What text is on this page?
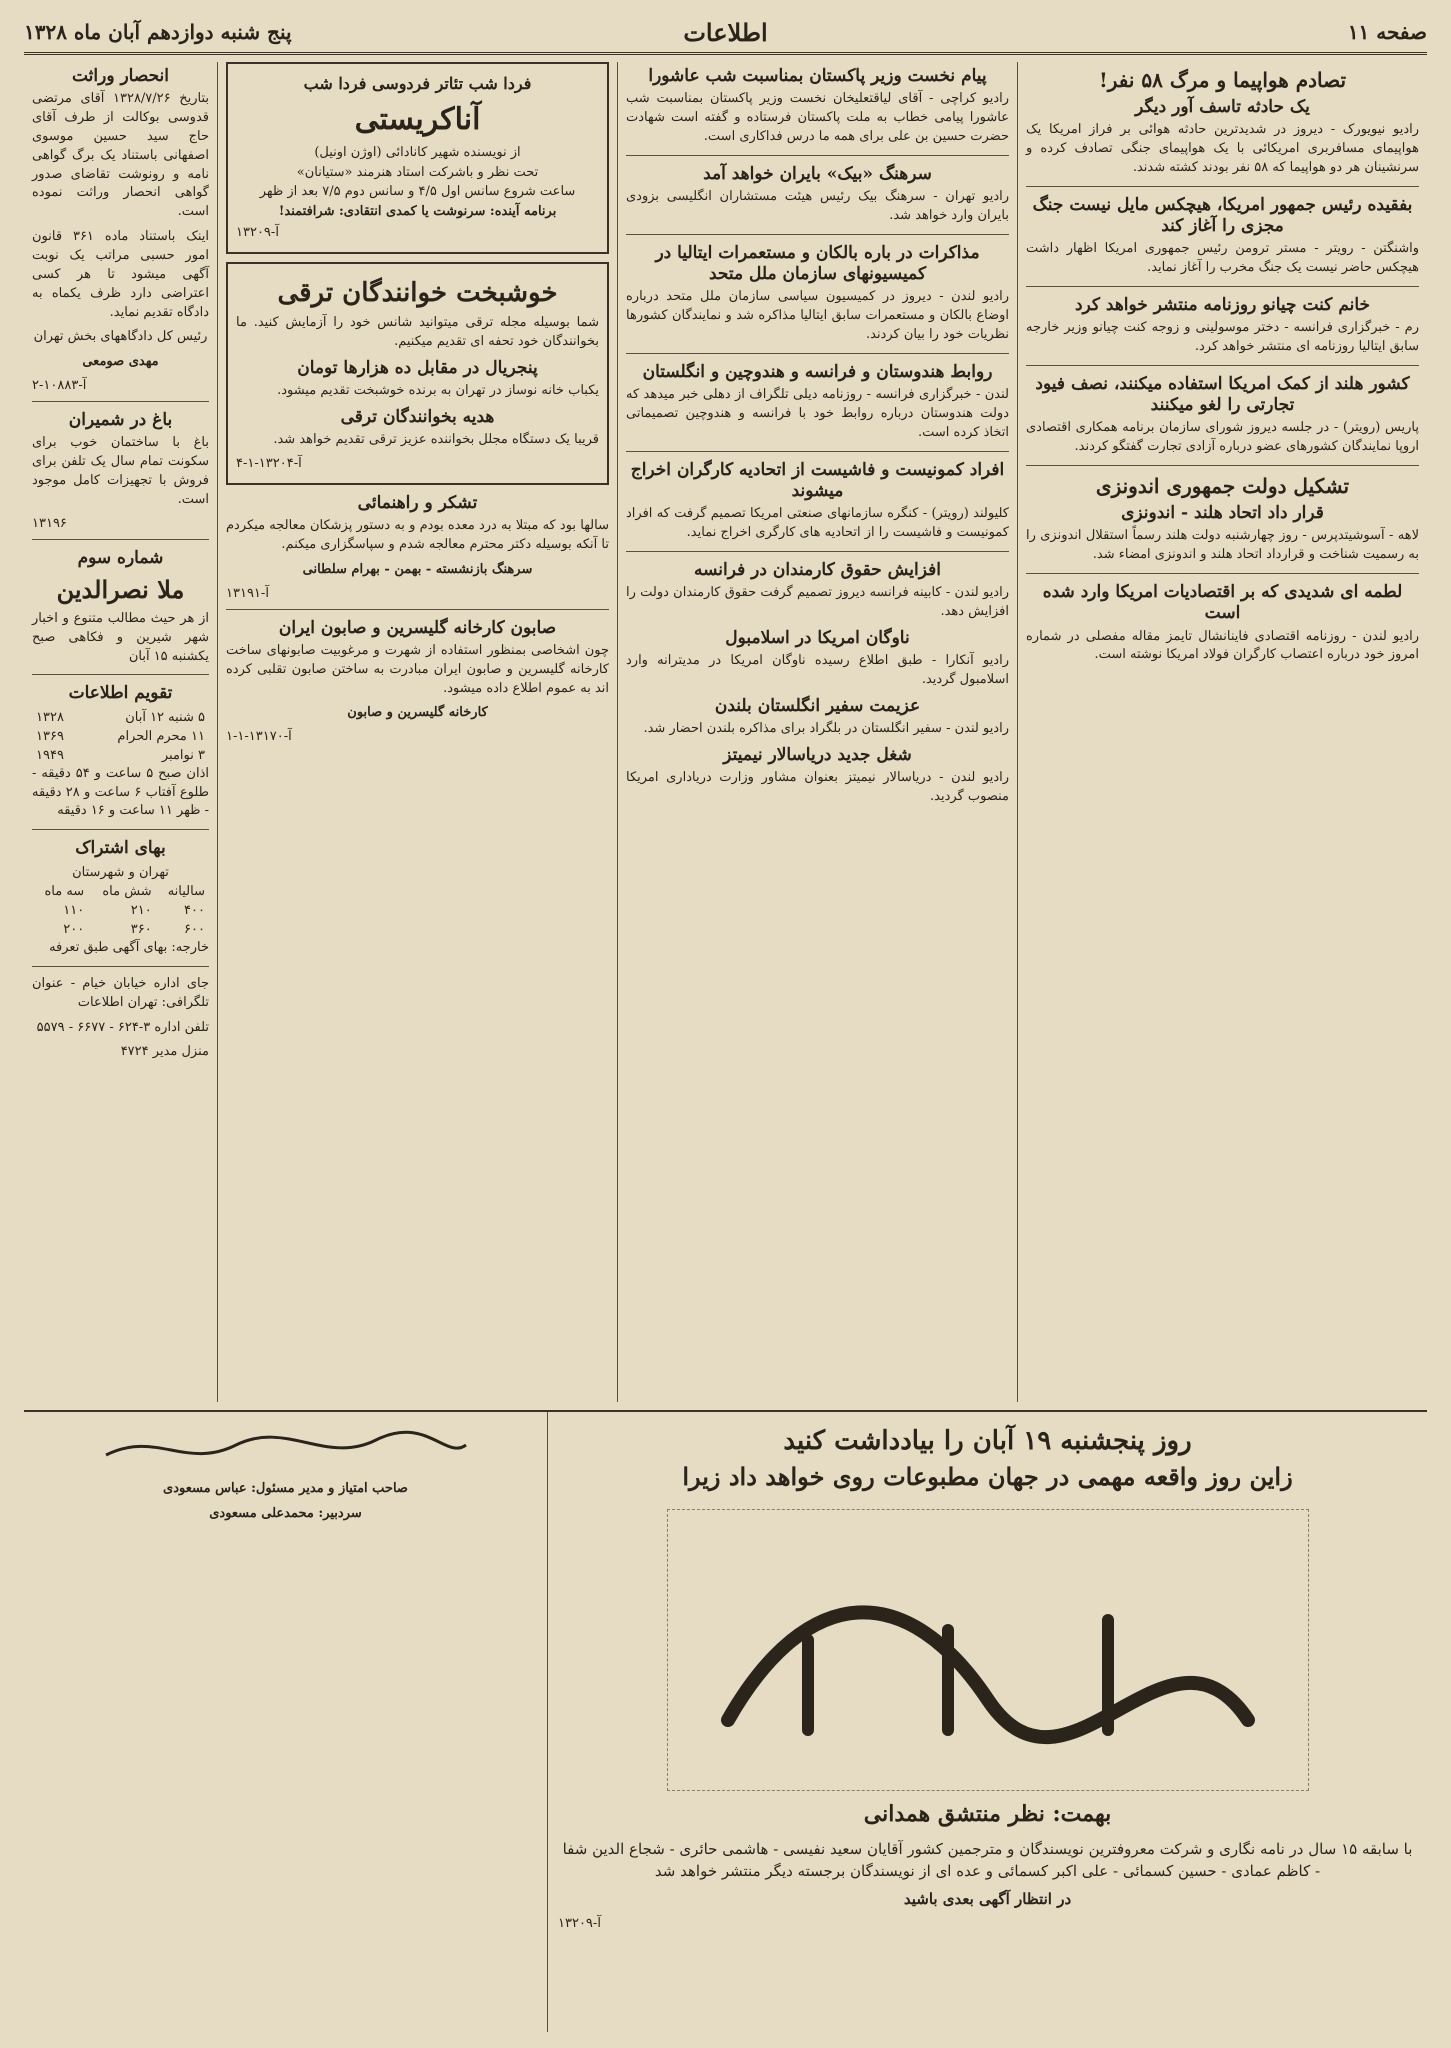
صفحه ۱۱
اطلاعات
پنج شنبه دوازدهم آبان ماه ۱۳۲۸
تصادم هواپیما و مرگ ۵۸ نفر!
یک حادثه تاسف آور دیگر

رادیو نیویورک - دیروز در شدیدترین حادثه هوائی بر فراز امریکا یک هواپیمای مسافربری امریکائی با یک هواپیمای جنگی تصادف کرده و سرنشینان هر دو هواپیما که ۵۸ نفر بودند کشته شدند.

بفقیده رئیس جمهور امریکا، هیچکس مایل نیست جنگ مجزی را آغاز کند

واشنگتن - رویتر - مستر ترومن رئیس جمهوری امریکا اظهار داشت هیچکس حاضر نیست یک جنگ مخرب را آغاز نماید.

خانم کنت چیانو روزنامه منتشر خواهد کرد

رم - خبرگزاری فرانسه - دختر موسولینی و زوجه کنت چیانو وزیر خارجه سابق ایتالیا روزنامه ای منتشر خواهد کرد.

کشور هلند از کمک امریکا استفاده میکنند، نصف فیود تجارتی را لغو میکنند

پاریس (رویتر) - در جلسه دیروز شورای سازمان برنامه همکاری اقتصادی اروپا نمایندگان کشورهای عضو درباره آزادی تجارت گفتگو کردند.

تشکیل دولت جمهوری اندونزی
قرار داد اتحاد هلند - اندونزی

لاهه - آسوشیتدپرس - روز چهارشنبه دولت هلند رسماً استقلال اندونزی را به رسمیت شناخت و قرارداد اتحاد هلند و اندونزی امضاء شد.

لطمه ای شدیدی که بر اقتصادیات امریکا وارد شده است

رادیو لندن - روزنامه اقتصادی فاینانشال تایمز مقاله مفصلی در شماره امروز خود درباره اعتصاب کارگران فولاد امریکا نوشته است.

پیام نخست وزیر پاکستان بمناسبت شب عاشورا

رادیو کراچی - آقای لیاقتعلیخان نخست وزیر پاکستان بمناسبت شب عاشورا پیامی خطاب به ملت پاکستان فرستاده و گفته است شهادت حضرت حسین بن علی برای همه ما درس فداکاری است.

سرهنگ «بیک» بایران خواهد آمد

رادیو تهران - سرهنگ بیک رئیس هیئت مستشاران انگلیسی بزودی بایران وارد خواهد شد.

مذاکرات در باره بالکان و مستعمرات ایتالیا در کمیسیونهای سازمان ملل متحد

رادیو لندن - دیروز در کمیسیون سیاسی سازمان ملل متحد درباره اوضاع بالکان و مستعمرات سابق ایتالیا مذاکره شد و نمایندگان کشورها نظریات خود را بیان کردند.

روابط هندوستان و فرانسه و هندوچین و انگلستان

لندن - خبرگزاری فرانسه - روزنامه دیلی تلگراف از دهلی خبر میدهد که دولت هندوستان درباره روابط خود با فرانسه و هندوچین تصمیماتی اتخاذ کرده است.

افراد کمونیست و فاشیست از اتحادیه کارگران اخراج میشوند

کلیولند (رویتر) - کنگره سازمانهای صنعتی امریکا تصمیم گرفت که افراد کمونیست و فاشیست را از اتحادیه های کارگری اخراج نماید.

افزایش حقوق کارمندان در فرانسه

رادیو لندن - کابینه فرانسه دیروز تصمیم گرفت حقوق کارمندان دولت را افزایش دهد.

ناوگان امریکا در اسلامبول

رادیو آنکارا - طبق اطلاع رسیده ناوگان امریکا در مدیترانه وارد اسلامبول گردید.

عزیمت سفیر انگلستان بلندن

رادیو لندن - سفیر انگلستان در بلگراد برای مذاکره بلندن احضار شد.

شغل جدید دریاسالار نیمیتز

رادیو لندن - دریاسالار نیمیتز بعنوان مشاور وزارت دریاداری امریکا منصوب گردید.

فردا شب تئاتر فردوسی فردا شب
آناکریستی
از نویسنده شهیر کانادائی (اوژن اونیل)
تحت نظر و باشرکت استاد هنرمند «ستیانان»
ساعت شروع سانس اول ۴/۵ و سانس دوم ۷/۵ بعد از ظهر
برنامه آینده: سرنوشت یا کمدی انتقادی: شرافتمند!
آ-۱۳۲۰۹
خوشبخت خوانندگان ترقی

شما بوسیله مجله ترقی میتوانید شانس خود را آزمایش کنید. ما بخوانندگان خود تحفه ای تقدیم میکنیم.

پنجریال در مقابل ده هزارها تومان

یکباب خانه نوساز در تهران به برنده خوشبخت تقدیم میشود.

هدیه بخوانندگان ترقی

قریبا یک دستگاه مجلل بخواننده عزیز ترقی تقدیم خواهد شد.

آ-۱۳۲۰۴-۱-۴
تشکر و راهنمائی

سالها بود که مبتلا به درد معده بودم و به دستور پزشکان معالجه میکردم تا آنکه بوسیله دکتر محترم معالجه شدم و سپاسگزاری میکنم.

سرهنگ بازنشسته - بهمن - بهرام سلطانی

آ-۱۳۱۹۱
صابون کارخانه گلیسرین و صابون ایران

چون اشخاصی بمنظور استفاده از شهرت و مرغوبیت صابونهای ساخت کارخانه گلیسرین و صابون ایران مبادرت به ساختن صابون تقلبی کرده اند به عموم اطلاع داده میشود.

کارخانه گلیسرین و صابون

آ-۱۳۱۷۰-۱-۱
انحصار وراثت

بتاریخ ۱۳۲۸/۷/۲۶ آقای مرتضی قدوسی بوکالت از طرف آقای حاج سید حسین موسوی اصفهانی باستناد یک برگ گواهی نامه و رونوشت تقاضای صدور گواهی انحصار وراثت نموده است.

اینک باستناد ماده ۳۶۱ قانون امور حسبی مراتب یک نوبت آگهی میشود تا هر کسی اعتراضی دارد ظرف یکماه به دادگاه تقدیم نماید.

رئیس کل دادگاههای بخش تهران

مهدی صومعی

آ-۱۰۸۸۳-۲
باغ در شمیران

باغ با ساختمان خوب برای سکونت تمام سال یک تلفن برای فروش با تجهیزات کامل موجود است.

۱۳۱۹۶
شماره سوم
ملا نصرالدین

از هر حیث مطالب متنوع و اخبار شهر شیرین و فکاهی صبح یکشنبه ۱۵ آبان

تقویم اطلاعات
۵ شنبه ۱۲ آبان	۱۳۲۸
۱۱ محرم الحرام	۱۳۶۹
۳ نوامبر	۱۹۴۹

اذان صبح ۵ ساعت و ۵۴ دقیقه - طلوع آفتاب ۶ ساعت و ۲۸ دقیقه - ظهر ۱۱ ساعت و ۱۶ دقیقه

بهای اشتراک
تهران و شهرستان
ساليانه	شش ماه	سه ماه
۴۰۰	۲۱۰	۱۱۰
۶۰۰	۳۶۰	۲۰۰

خارجه: بهای آگهی طبق تعرفه

جای اداره خیابان خیام - عنوان تلگرافی: تهران اطلاعات

تلفن اداره ۳-۶۲۴ - ۶۶۷۷ - ۵۵۷۹

منزل مدیر ۴۷۲۴

روز پنجشنبه ۱۹ آبان را بیادداشت کنید
زاین روز واقعه مهمی در جهان مطبوعات روی خواهد داد زیرا
بهمت: نظر منتشق همدانی

با سابقه ۱۵ سال در نامه نگاری و شرکت معروفترین نویسندگان و مترجمین کشور آقایان سعید نفیسی - هاشمی حائری - شجاع الدین شفا - کاظم عمادی - حسین کسمائی - علی اکبر کسمائی و عده ای از نویسندگان برجسته دیگر منتشر خواهد شد

در انتظار آگهی بعدی باشید

آ-۱۳۲۰۹

صاحب امتیاز و مدیر مسئول: عباس مسعودی

سردبیر: محمدعلی مسعودی
